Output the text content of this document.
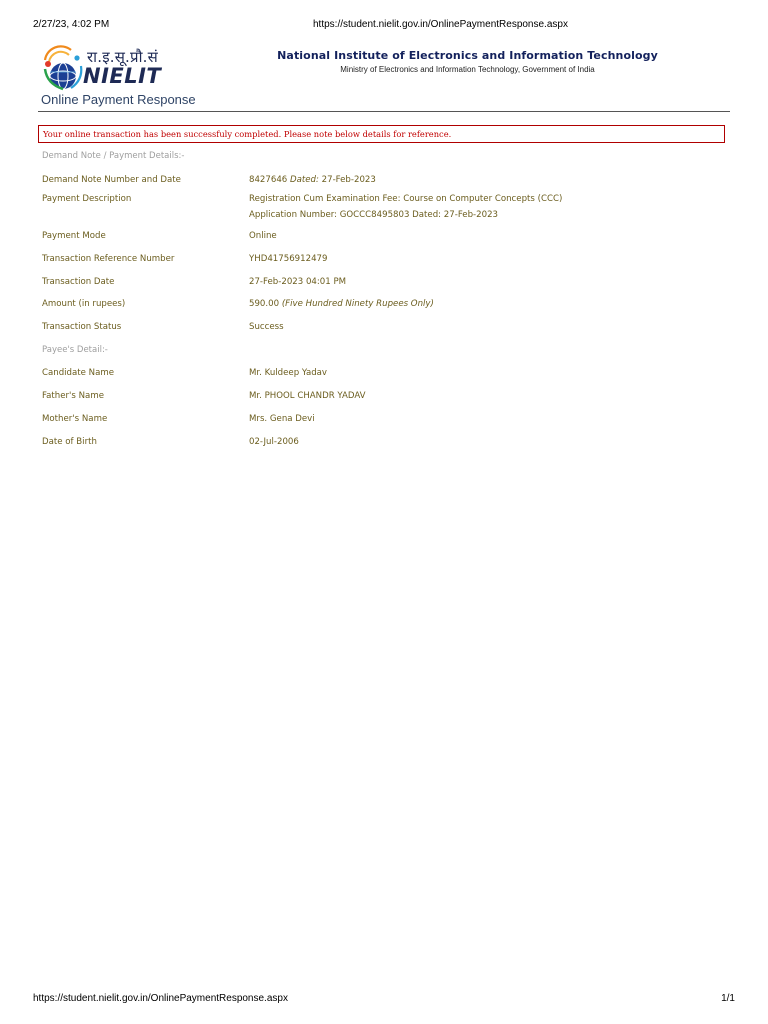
2/27/23, 4:02 PM	https://student.nielit.gov.in/OnlinePaymentResponse.aspx
रा.इ.सू.प्रौ.सं
NIELIT
Online Payment Response
National Institute of Electronics and Information Technology
Ministry of Electronics and Information Technology, Government of India
Your online transaction has been successfuly completed. Please note below details for reference.
Demand Note / Payment Details:-
Demand Note Number and Date	8427646 Dated: 27-Feb-2023
Payment Description	Registration Cum Examination Fee: Course on Computer Concepts (CCC)
Application Number: GOCCC8495803 Dated: 27-Feb-2023
Payment Mode	Online
Transaction Reference Number	YHD41756912479
Transaction Date	27-Feb-2023 04:01 PM
Amount (in rupees)	590.00 (Five Hundred Ninety Rupees Only)
Transaction Status	Success
Payee's Detail:-
Candidate Name	Mr. Kuldeep Yadav
Father's Name	Mr. PHOOL CHANDR YADAV
Mother's Name	Mrs. Gena Devi
Date of Birth	02-Jul-2006
https://student.nielit.gov.in/OnlinePaymentResponse.aspx	1/1
